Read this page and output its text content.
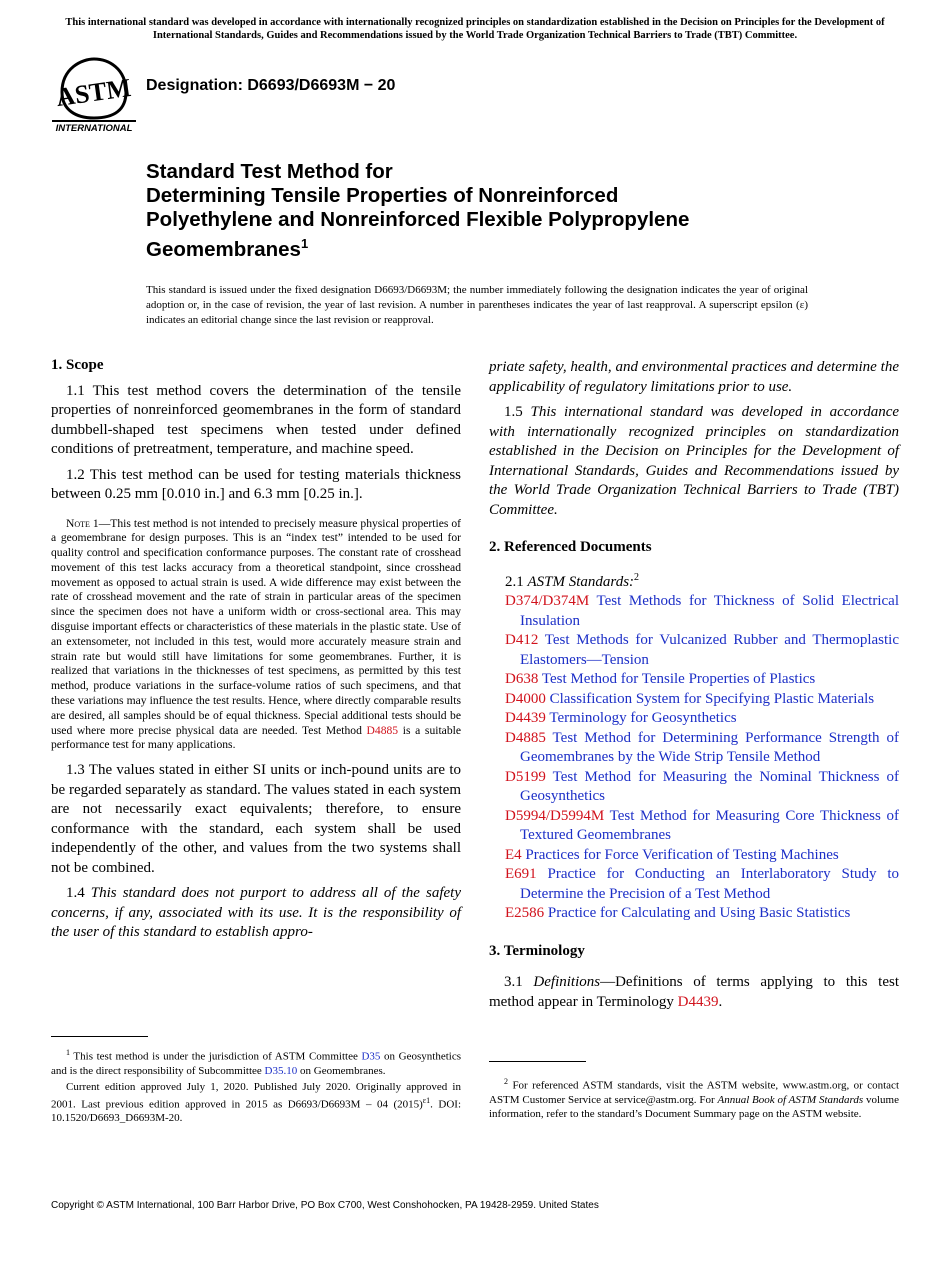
This international standard was developed in accordance with internationally recognized principles on standardization established in the Decision on Principles for the Development of International Standards, Guides and Recommendations issued by the World Trade Organization Technical Barriers to Trade (TBT) Committee.
ASTM
INTERNATIONAL
Designation: D6693/D6693M − 20
Standard Test Method for
Determining Tensile Properties of Nonreinforced
Polyethylene and Nonreinforced Flexible Polypropylene
Geomembranes$^1$
This standard is issued under the fixed designation D6693/D6693M; the number immediately following the designation indicates the year of original adoption or, in the case of revision, the year of last revision. A number in parentheses indicates the year of last reapproval. A superscript epsilon (ε) indicates an editorial change since the last revision or reapproval.
1. Scope

1.1 This test method covers the determination of the tensile properties of nonreinforced geomembranes in the form of standard dumbbell-shaped test specimens when tested under defined conditions of pretreatment, temperature, and machine speed.

1.2 This test method can be used for testing materials thickness between 0.25 mm [0.010 in.] and 6.3 mm [0.25 in.].

Note 1—This test method is not intended to precisely measure physical properties of a geomembrane for design purposes. This is an “index test” intended to be used for quality control and specification conformance purposes. The constant rate of crosshead movement of this test lacks accuracy from a theoretical standpoint, since crosshead movement as opposed to actual strain is used. A wide difference may exist between the rate of crosshead movement and the rate of strain in particular areas of the specimen since the specimen does not have a uniform width or cross-sectional area. This may disguise important effects or characteristics of these materials in the plastic state. Use of an extensometer, not included in this test, would more accurately measure strain and strain rate but would still have limitations for some geomembranes. Further, it is realized that variations in the thicknesses of test specimens, as permitted by this test method, produce variations in the surface-volume ratios of such specimens, and that these variations may influence the test results. Hence, where directly comparable results are desired, all samples should be of equal thickness. Special additional tests should be used where more precise physical data are needed. Test Method D4885 is a suitable performance test for many applications.

1.3 The values stated in either SI units or inch-pound units are to be regarded separately as standard. The values stated in each system are not necessarily exact equivalents; therefore, to ensure conformance with the standard, each system shall be used independently of the other, and values from the two systems shall not be combined.

1.4 This standard does not purport to address all of the safety concerns, if any, associated with its use. It is the responsibility of the user of this standard to establish appro-

priate safety, health, and environmental practices and determine the applicability of regulatory limitations prior to use.

1.5 This international standard was developed in accordance with internationally recognized principles on standardization established in the Decision on Principles for the Development of International Standards, Guides and Recommendations issued by the World Trade Organization Technical Barriers to Trade (TBT) Committee.

2. Referenced Documents
2.1 ASTM Standards:$^2$
D374/D374M Test Methods for Thickness of Solid Electrical Insulation
D412 Test Methods for Vulcanized Rubber and Thermoplastic Elastomers—Tension
D638 Test Method for Tensile Properties of Plastics
D4000 Classification System for Specifying Plastic Materials
D4439 Terminology for Geosynthetics
D4885 Test Method for Determining Performance Strength of Geomembranes by the Wide Strip Tensile Method
D5199 Test Method for Measuring the Nominal Thickness of Geosynthetics
D5994/D5994M Test Method for Measuring Core Thickness of Textured Geomembranes
E4 Practices for Force Verification of Testing Machines
E691 Practice for Conducting an Interlaboratory Study to Determine the Precision of a Test Method
E2586 Practice for Calculating and Using Basic Statistics
3. Terminology

3.1 Definitions—Definitions of terms applying to this test method appear in Terminology D4439.

$^1$ This test method is under the jurisdiction of ASTM Committee D35 on Geosynthetics and is the direct responsibility of Subcommittee D35.10 on Geomembranes.

Current edition approved July 1, 2020. Published July 2020. Originally approved in 2001. Last previous edition approved in 2015 as D6693/D6693M – 04 $(2015)^{\varepsilon 1}$. DOI: 10.1520/D6693_D6693M-20.

$^2$ For referenced ASTM standards, visit the ASTM website, www.astm.org, or contact ASTM Customer Service at service@astm.org. For Annual Book of ASTM Standards volume information, refer to the standard’s Document Summary page on the ASTM website.

Copyright © ASTM International, 100 Barr Harbor Drive, PO Box C700, West Conshohocken, PA 19428-2959. United States
